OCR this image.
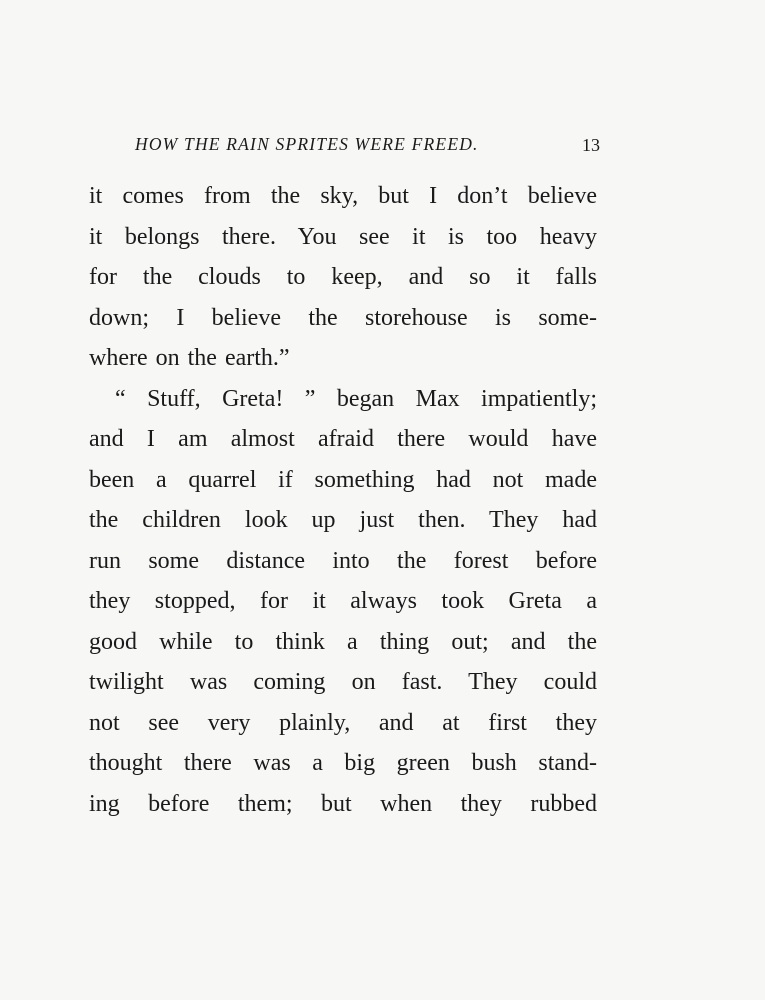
HOW THE RAIN SPRITES WERE FREED.	13
it comes from the sky, but I don’t believe
it belongs there. You see it is too heavy
for the clouds to keep, and so it falls
down; I believe the storehouse is some-
where on the earth.”
“ Stuff, Greta! ” began Max impatiently;
and I am almost afraid there would have
been a quarrel if something had not made
the children look up just then. They had
run some distance into the forest before
they stopped, for it always took Greta a
good while to think a thing out; and the
twilight was coming on fast. They could
not see very plainly, and at first they
thought there was a big green bush stand-
ing before them; but when they rubbed
